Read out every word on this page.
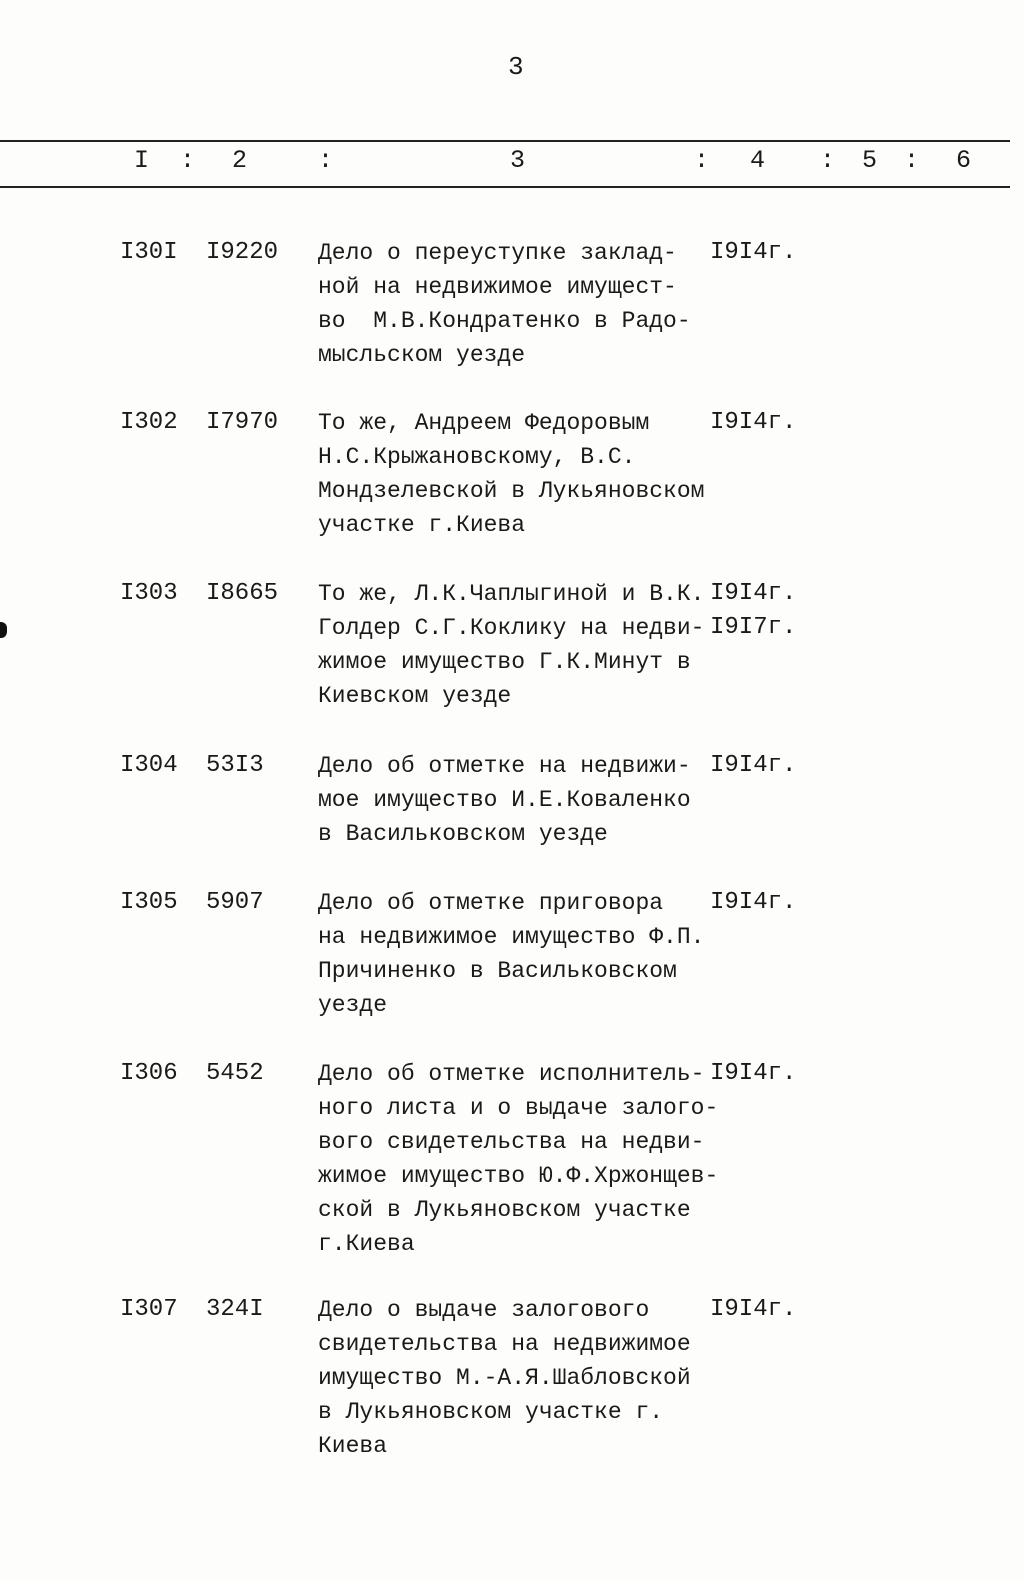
3
I : 2	:	3	: 4 : 5 : 6
I30I I9220 Дело о переуступке заклад-
ной на недвижимое имущест-
во  М.В.Кондратенко в Радо-
мысльском уезде
I9I4г.
I302 I7970 То же, Андреем Федоровым
Н.С.Крыжановскому, В.С.
Мондзелевской в Лукьяновском
участке г.Киева
I9I4г.
I303 I8665 То же, Л.К.Чаплыгиной и В.К.
Голдер С.Г.Коклику на недви-
жимое имущество Г.К.Минут в
Киевском уезде
I9I4г.
I9I7г.
I304 53I3 Дело об отметке на недвижи-
мое имущество И.Е.Коваленко
в Васильковском уезде
I9I4г.
I305 5907 Дело об отметке приговора
на недвижимое имущество Ф.П.
Причиненко в Васильковском
уезде
I9I4г.
I306 5452 Дело об отметке исполнитель-
ного листа и о выдаче залого-
вого свидетельства на недви-
жимое имущество Ю.Ф.Хржонщев-
ской в Лукьяновском участке
г.Киева
I9I4г.
I307 324I Дело о выдаче залогового
свидетельства на недвижимое
имущество М.-А.Я.Шабловской
в Лукьяновском участке г.
Киева
I9I4г.
